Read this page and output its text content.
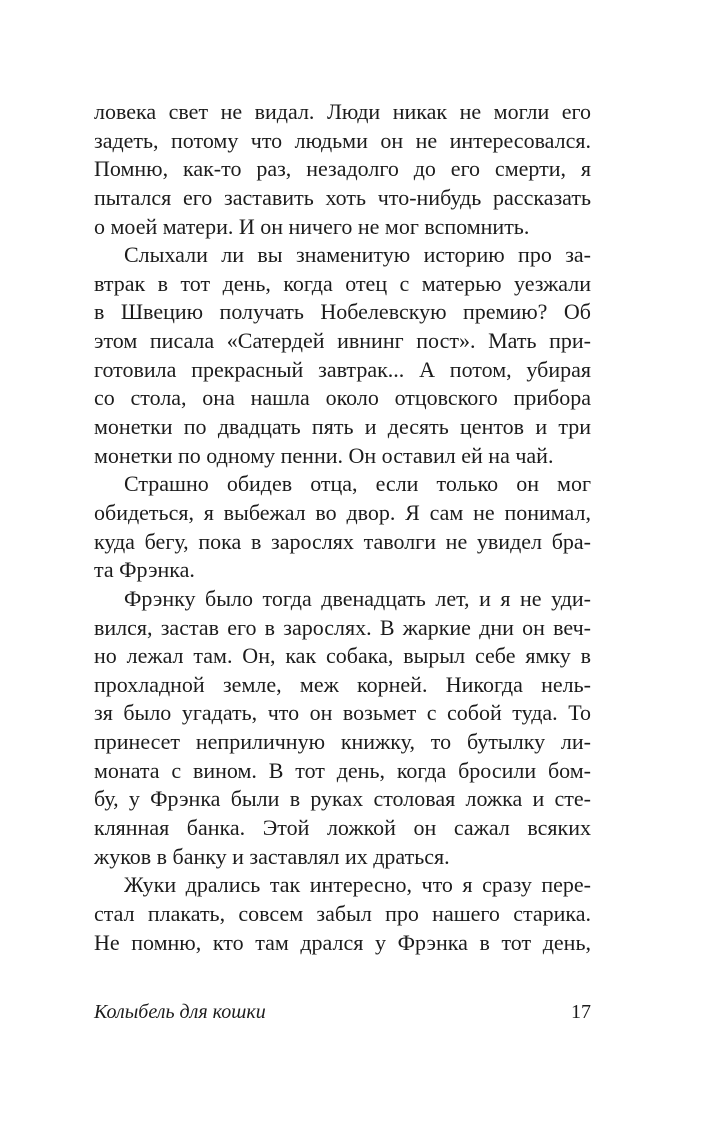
ловека свет не видал. Люди никак не могли его
задеть, потому что людьми он не интересовался.
Помню, как-то раз, незадолго до его смерти, я
пытался его заставить хоть что-нибудь рассказать
о моей матери. И он ничего не мог вспомнить.
Слыхали ли вы знаменитую историю про за-
втрак в тот день, когда отец с матерью уезжали
в Швецию получать Нобелевскую премию? Об
этом писала «Сатердей ивнинг пост». Мать при-
готовила прекрасный завтрак... А потом, убирая
со стола, она нашла около отцовского прибора
монетки по двадцать пять и десять центов и три
монетки по одному пенни. Он оставил ей на чай.
Страшно обидев отца, если только он мог
обидеться, я выбежал во двор. Я сам не понимал,
куда бегу, пока в зарослях таволги не увидел бра-
та Фрэнка.
Фрэнку было тогда двенадцать лет, и я не уди-
вился, застав его в зарослях. В жаркие дни он веч-
но лежал там. Он, как собака, вырыл себе ямку в
прохладной земле, меж корней. Никогда нель-
зя было угадать, что он возьмет с собой туда. То
принесет неприличную книжку, то бутылку ли-
моната с вином. В тот день, когда бросили бом-
бу, у Фрэнка были в руках столовая ложка и сте-
клянная банка. Этой ложкой он сажал всяких
жуков в банку и заставлял их драться.
Жуки дрались так интересно, что я сразу пере-
стал плакать, совсем забыл про нашего старика.
Не помню, кто там дрался у Фрэнка в тот день,
Колыбель для кошки	17
